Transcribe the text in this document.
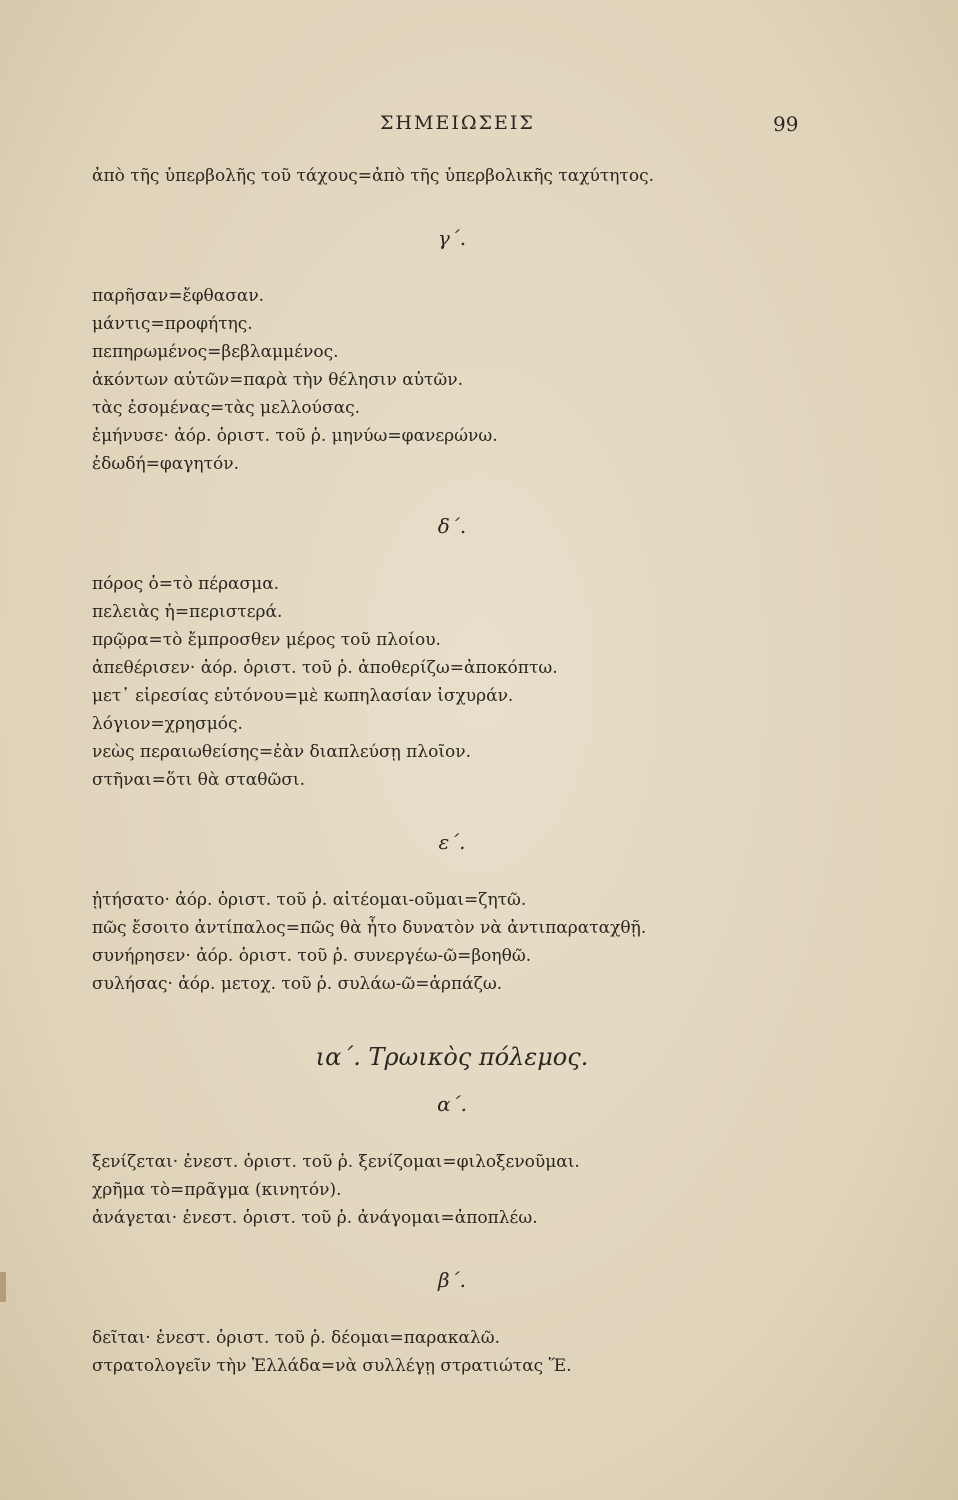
ΣΗΜΕΙΩΣΕΙΣ	99
ἀπὸ τῆς ὑπερβολῆς τοῦ τάχους=ἀπὸ τῆς ὑπερβολικῆς ταχύτητος.
γ΄.
παρῆσαν=ἔφθασαν.
μάντις=προφήτης.
πεπηρωμένος=βεβλαμμένος.
ἀκόντων αὐτῶν=παρὰ τὴν θέλησιν αὐτῶν.
τὰς ἐσομένας=τὰς μελλούσας.
ἐμήνυσε· ἀόρ. ὁριστ. τοῦ ῥ. μηνύω=φανερώνω.
ἐδωδή=φαγητόν.
δ΄.
πόρος ὁ=τὸ πέρασμα.
πελειὰς ἡ=περιστερά.
πρῷρα=τὸ ἔμπροσθεν μέρος τοῦ πλοίου.
ἀπεθέρισεν· ἀόρ. ὁριστ. τοῦ ῥ. ἀποθερίζω=ἀποκόπτω.
μετ᾽ εἰρεσίας εὐτόνου=μὲ κωπηλασίαν ἰσχυράν.
λόγιον=χρησμός.
νεὼς περαιωθείσης=ἐὰν διαπλεύσῃ πλοῖον.
στῆναι=ὅτι θὰ σταθῶσι.
ε΄.
ᾐτήσατο· ἀόρ. ὁριστ. τοῦ ῥ. αἰτέομαι-οῦμαι=ζητῶ.
πῶς ἔσοιτο ἀντίπαλος=πῶς θὰ ἦτο δυνατὸν νὰ ἀντιπαραταχθῇ.
συνήρησεν· ἀόρ. ὁριστ. τοῦ ῥ. συνεργέω-ῶ=βοηθῶ.
συλήσας· ἀόρ. μετοχ. τοῦ ῥ. συλάω-ῶ=ἁρπάζω.
ια΄. Τρωικὸς πόλεμος.
α΄.
ξενίζεται· ἐνεστ. ὁριστ. τοῦ ῥ. ξενίζομαι=φιλοξενοῦμαι.
χρῆμα τὸ=πρᾶγμα (κινητόν).
ἀνάγεται· ἐνεστ. ὁριστ. τοῦ ῥ. ἀνάγομαι=ἀποπλέω.
β΄.
δεῖται· ἐνεστ. ὁριστ. τοῦ ῥ. δέομαι=παρακαλῶ.
στρατολογεῖν τὴν Ἑλλάδα=νὰ συλλέγῃ στρατιώτας Ἕ.
